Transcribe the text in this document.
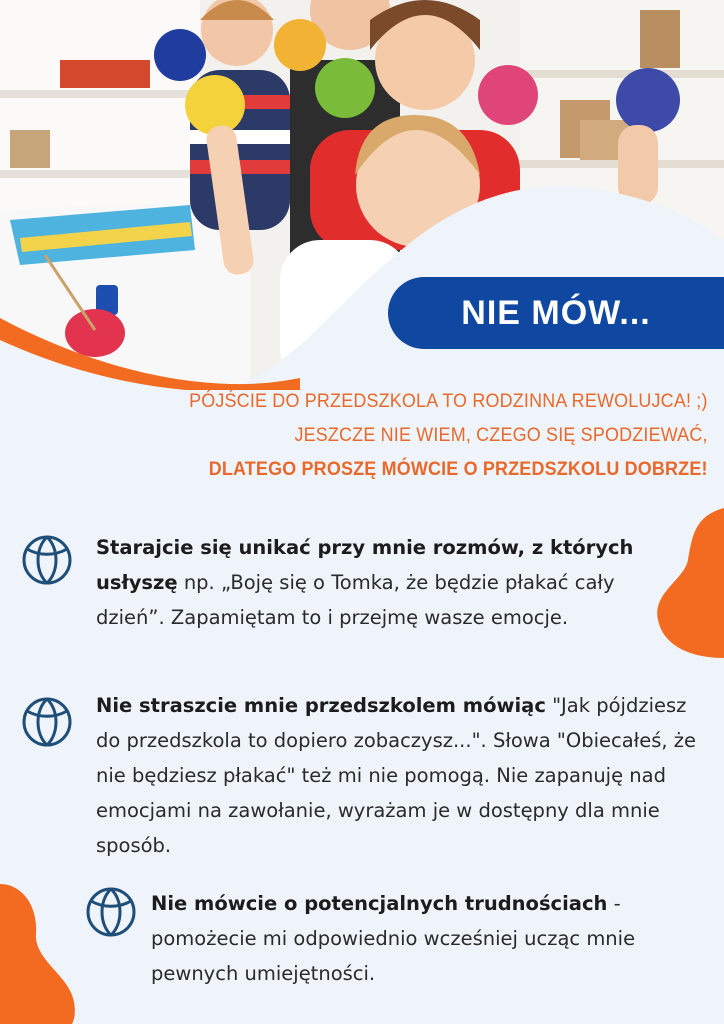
NIE MÓW...
PÓJŚCIE DO PRZEDSZKOLA TO RODZINNA REWOLUJCA! ;)
JESZCZE NIE WIEM, CZEGO SIĘ SPODZIEWAĆ,
DLATEGO PROSZĘ MÓWCIE O PRZEDSZKOLU DOBRZE!
Starajcie się unikać przy mnie rozmów, z których usłyszę np. „Boję się o Tomka, że będzie płakać cały dzień”. Zapamiętam to i przejmę wasze emocje.
Nie straszcie mnie przedszkolem mówiąc "Jak pójdziesz do przedszkola to dopiero zobaczysz...". Słowa "Obiecałeś, że nie będziesz płakać" też mi nie pomogą. Nie zapanuję nad emocjami na zawołanie, wyrażam je w dostępny dla mnie sposób.
Nie mówcie o potencjalnych trudnościach - pomożecie mi odpowiednio wcześniej ucząc mnie pewnych umiejętności.
